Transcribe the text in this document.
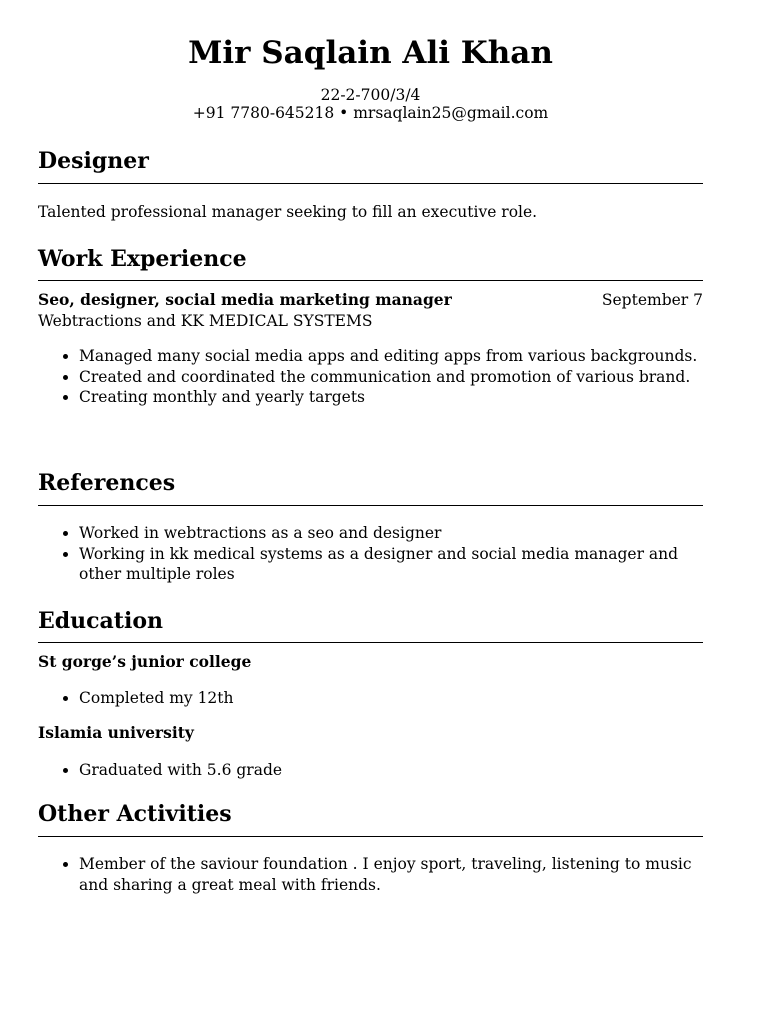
Mir Saqlain Ali Khan
22-2-700/3/4
+91 7780-645218 • mrsaqlain25@gmail.com
Designer
Talented professional manager seeking to fill an executive role.
Work Experience
Seo, designer, social media marketing manager	September 7
Webtractions and KK MEDICAL SYSTEMS
• Managed many social media apps and editing apps from various backgrounds.
• Created and coordinated the communication and promotion of various brand.
• Creating monthly and yearly targets
References
• Worked in webtractions as a seo and designer
• Working in kk medical systems as a designer and social media manager and other multiple roles
Education
St gorge’s junior college
• Completed my 12th
Islamia university
• Graduated with 5.6 grade
Other Activities
• Member of the saviour foundation . I enjoy sport, traveling, listening to music and sharing a great meal with friends.
